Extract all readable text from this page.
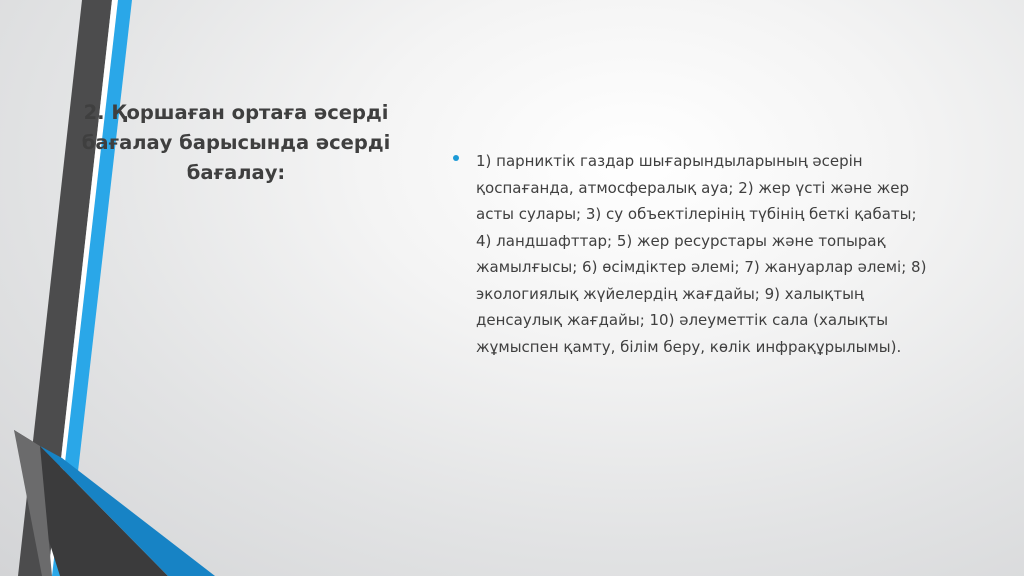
2. Қоршаған ортаға әсерді бағалау барысында әсерді бағалау:	1) парниктік газдар шығарындыларының әсерін қоспағанда, атмосфералық ауа; 2) жер үсті және жер асты сулары; 3) су объектілерінің түбінің беткі қабаты; 4) ландшафттар; 5) жер ресурстары және топырақ жамылғысы; 6) өсімдіктер әлемі; 7) жануарлар әлемі; 8) экологиялық жүйелердің жағдайы; 9) халықтың денсаулық жағдайы; 10) әлеуметтік сала (халықты жұмыспен қамту, білім беру, көлік инфрақұрылымы).
